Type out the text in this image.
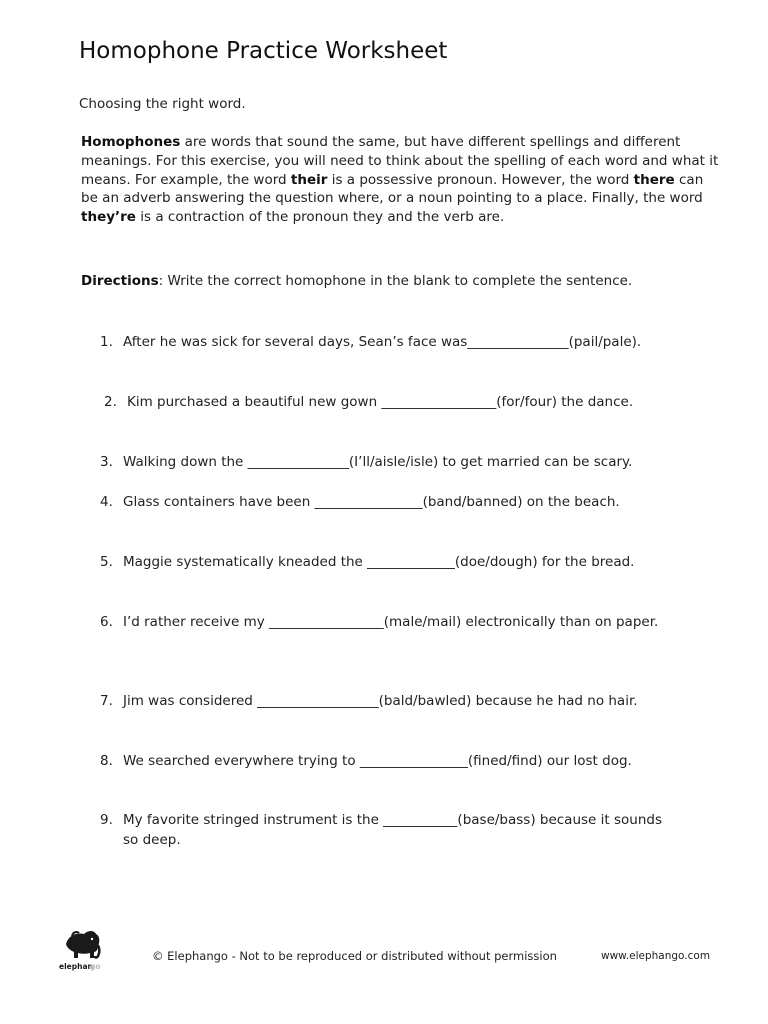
Homophone Practice Worksheet
Choosing the right word.
Homophones are words that sound the same, but have different spellings and different meanings. For this exercise, you will need to think about the spelling of each word and what it means. For example, the word their is a possessive pronoun. However, the word there can be an adverb answering the question where, or a noun pointing to a place. Finally, the word they’re is a contraction of the pronoun they and the verb are.
Directions: Write the correct homophone in the blank to complete the sentence.
1. After he was sick for several days, Sean’s face was_______________(pail/pale).
2. Kim purchased a beautiful new gown _________________(for/four) the dance.
3. Walking down the _______________(I’ll/aisle/isle) to get married can be scary.
4. Glass containers have been ________________(band/banned) on the beach.
5. Maggie systematically kneaded the _____________(doe/dough) for the bread.
6. I’d rather receive my _________________(male/mail) electronically than on paper.
7. Jim was considered __________________(bald/bawled) because he had no hair.
8. We searched everywhere trying to ________________(fined/find) our lost dog.
9. My favorite stringed instrument is the ___________(base/bass) because it sounds so deep.
elephan
go
© Elephango - Not to be reproduced or distributed without permission	www.elephango.com
